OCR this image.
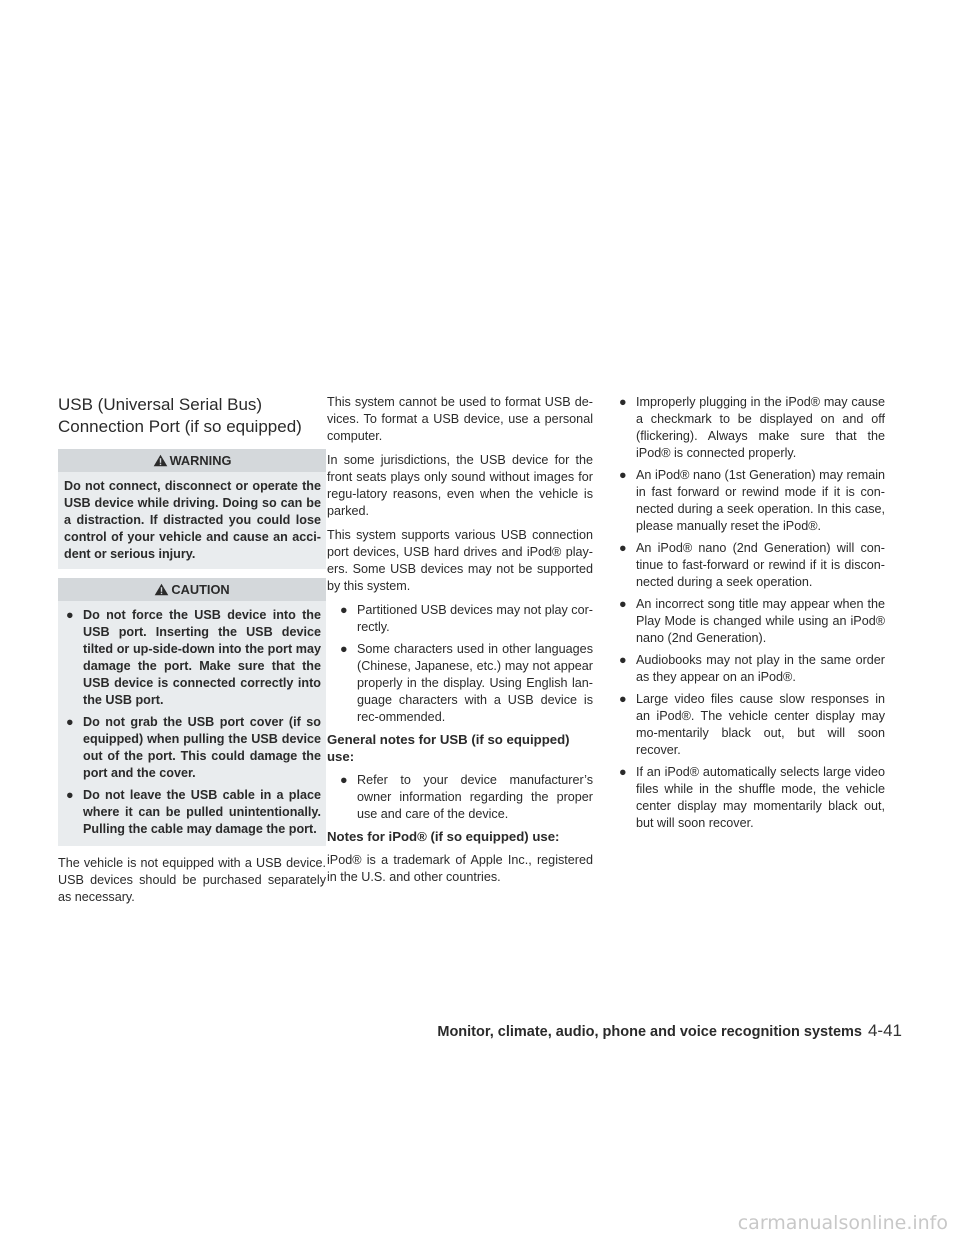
USB (Universal Serial Bus)
Connection Port (if so equipped)
WARNING

Do not connect, disconnect or operate the USB device while driving. Doing so can be a distraction. If distracted you could lose control of your vehicle and cause an acci-dent or serious injury.

CAUTION
● Do not force the USB device into the USB port. Inserting the USB device tilted or up-side-down into the port may damage the port. Make sure that the USB device is connected correctly into the USB port.
● Do not grab the USB port cover (if so equipped) when pulling the USB device out of the port. This could damage the port and the cover.
● Do not leave the USB cable in a place where it can be pulled unintentionally. Pulling the cable may damage the port.

The vehicle is not equipped with a USB device. USB devices should be purchased separately as necessary.

This system cannot be used to format USB de-vices. To format a USB device, use a personal computer.

In some jurisdictions, the USB device for the front seats plays only sound without images for regu-latory reasons, even when the vehicle is parked.

This system supports various USB connection port devices, USB hard drives and iPod® play-ers. Some USB devices may not be supported by this system.

● Partitioned USB devices may not play cor-rectly.
● Some characters used in other languages (Chinese, Japanese, etc.) may not appear properly in the display. Using English lan-guage characters with a USB device is rec-ommended.
General notes for USB (if so equipped) use:
● Refer to your device manufacturer’s owner information regarding the proper use and care of the device.
Notes for iPod® (if so equipped) use:

iPod® is a trademark of Apple Inc., registered in the U.S. and other countries.

● Improperly plugging in the iPod® may cause a checkmark to be displayed on and off (flickering). Always make sure that the iPod® is connected properly.
● An iPod® nano (1st Generation) may remain in fast forward or rewind mode if it is con-nected during a seek operation. In this case, please manually reset the iPod®.
● An iPod® nano (2nd Generation) will con-tinue to fast-forward or rewind if it is discon-nected during a seek operation.
● An incorrect song title may appear when the Play Mode is changed while using an iPod® nano (2nd Generation).
● Audiobooks may not play in the same order as they appear on an iPod®.
● Large video files cause slow responses in an iPod®. The vehicle center display may mo-mentarily black out, but will soon recover.
● If an iPod® automatically selects large video files while in the shuffle mode, the vehicle center display may momentarily black out, but will soon recover.
Monitor, climate, audio, phone and voice recognition systems 4-41
carmanualsonline.info
